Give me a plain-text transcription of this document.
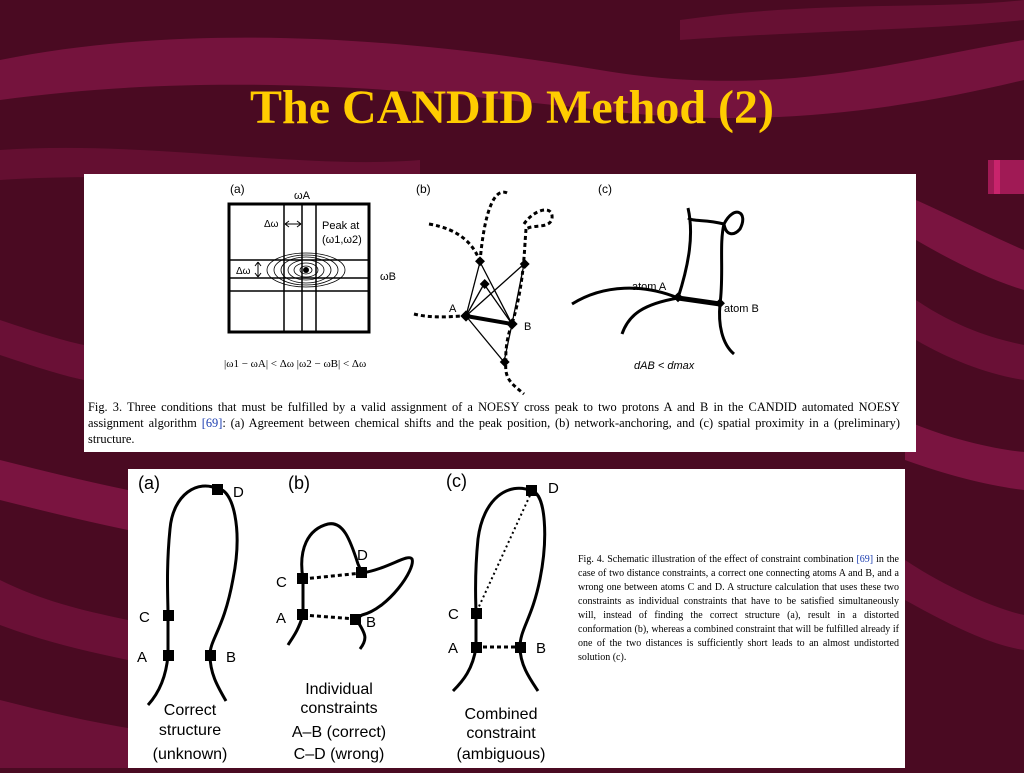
The CANDID Method (2)
(a)	ωA
Δω
Δω
Peak at
(ω1,ω2)
ωB
|ω1 − ωA| < Δω |ω2 − ωB| < Δω
(b)
A
B
(c)
atom A
atom B
dAB < dmax
Fig. 3. Three conditions that must be fulfilled by a valid assignment of a NOESY cross peak to two protons A and B in the CANDID automated NOESY assignment algorithm [69]: (a) Agreement between chemical shifts and the peak position, (b) network-anchoring, and (c) spatial proximity in a (preliminary) structure.
(a)	D
C
A	B
Correct
structure
(unknown)
(b)
C
D
A	B
Individual
constraints
A–B (correct)
C–D (wrong)
(c)	D
C
A	B
Combined
constraint
(ambiguous)
Fig. 4. Schematic illustration of the effect of constraint combination [69] in the case of two distance constraints, a correct one connecting atoms A and B, and a wrong one between atoms C and D. A structure calculation that uses these two constraints as individual constraints that have to be satisfied simultaneously will, instead of finding the correct structure (a), result in a distorted conformation (b), whereas a combined constraint that will be fulfilled already if one of the two distances is sufficiently short leads to an almost undistorted solution (c).
